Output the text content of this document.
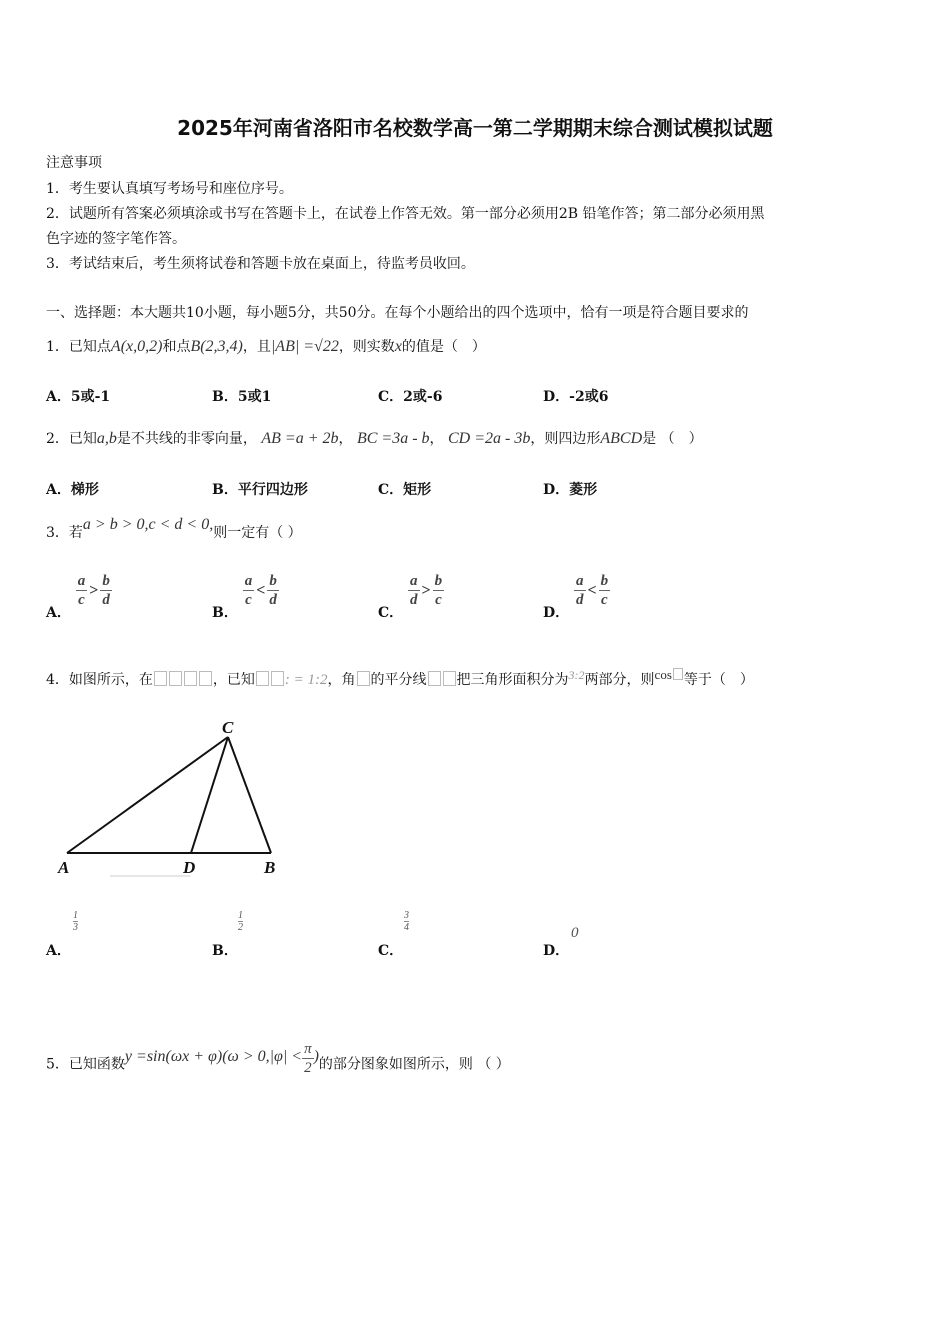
2025年河南省洛阳市名校数学高一第二学期期末综合测试模拟试题
注意事项
1．考生要认真填写考场号和座位序号。
2．试题所有答案必须填涂或书写在答题卡上，在试卷上作答无效。第一部分必须用2B 铅笔作答；第二部分必须用黑
色字迹的签字笔作答。
3．考试结束后，考生须将试卷和答题卡放在桌面上，待监考员收回。
一、选择题：本大题共10小题，每小题5分，共50分。在每个小题给出的四个选项中，恰有一项是符合题目要求的
1．已知点A(x,0,2)和点B(2,3,4)，且|AB| =√22，则实数x的值是（　）
A．5或-1	B．5或1	C．2或-6	D．-2或6
2．已知a,b是不共线的非零向量， AB =a + 2b， BC =3a - b， CD =2a - 3b，则四边形ABCD是 （　）
A．梯形	B．平行四边形	C．矩形	D．菱形
3．若a > b > 0,c < d < 0,则一定有（ ）
A．
$\frac{a}{c} > \frac{b}{d}$
B．
$\frac{a}{c} < \frac{b}{d}$
C．
$\frac{a}{d} > \frac{b}{c}$
D．
$\frac{a}{d} < \frac{b}{c}$
4．如图所示，在	，已知 : = 1:2，角 的平分线 把三角形面积分为3:2两部分，则cos 等于（　）
C
A	D	B
$\frac{1}{3}$
A．
$\frac{1}{2}$
B．
$\frac{3}{4}$
C．	D．
0
5．已知函数$y =\sin(\omega x + \varphi)(\omega > 0,|\varphi| < \frac{\pi}{2}$ )的部分图象如图所示，则 （ ）
